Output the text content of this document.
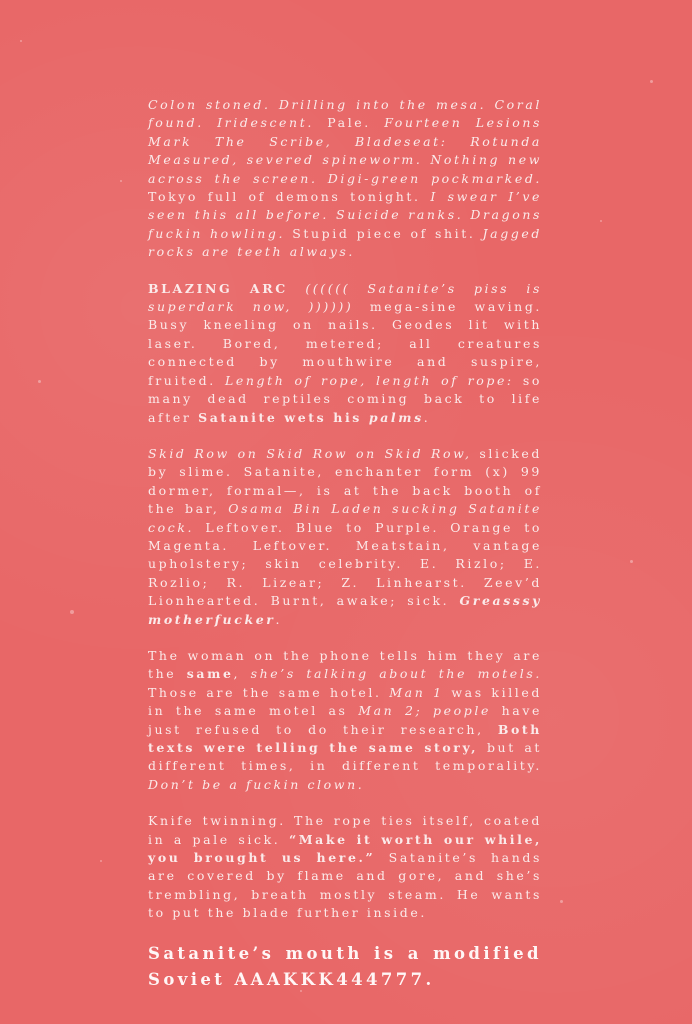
Colon stoned. Drilling into the mesa. Coral found. Iridescent. Pale. Fourteen Lesions Mark The Scribe, Bladeseat: Rotunda Measured, severed spineworm. Nothing new across the screen. Digi-green pockmarked. Tokyo full of demons tonight. I swear I’ve seen this all before. Suicide ranks. Dragons fuckin howling. Stupid piece of shit. Jagged rocks are teeth always.

BLAZING ARC (((((( Satanite’s piss is superdark now, )))))) mega-sine waving. Busy kneeling on nails. Geodes lit with laser. Bored, metered; all creatures connected by mouthwire and suspire, fruited. Length of rope, length of rope: so many dead reptiles coming back to life after Satanite wets his palms.

Skid Row on Skid Row on Skid Row, slicked by slime. Satanite, enchanter form (x) 99 dormer, formal—, is at the back booth of the bar, Osama Bin Laden sucking Satanite cock. Leftover. Blue to Purple. Orange to Magenta. Leftover. Meatstain, vantage upholstery; skin celebrity. E. Rizlo; E. Rozlio; R. Lizear; Z. Linhearst. Zeev’d Lionhearted. Burnt, awake; sick. Greasssy motherfucker.

The woman on the phone tells him they are the same, she’s talking about the motels. Those are the same hotel. Man 1 was killed in the same motel as Man 2; people have just refused to do their research, Both texts were telling the same story, but at different times, in different temporality. Don’t be a fuckin clown.

Knife twinning. The rope ties itself, coated in a pale sick. “Make it worth our while, you brought us here.” Satanite’s hands are covered by flame and gore, and she’s trembling, breath mostly steam. He wants to put the blade further inside.

Satanite’s mouth is a modified Soviet AAAKKK444777.
